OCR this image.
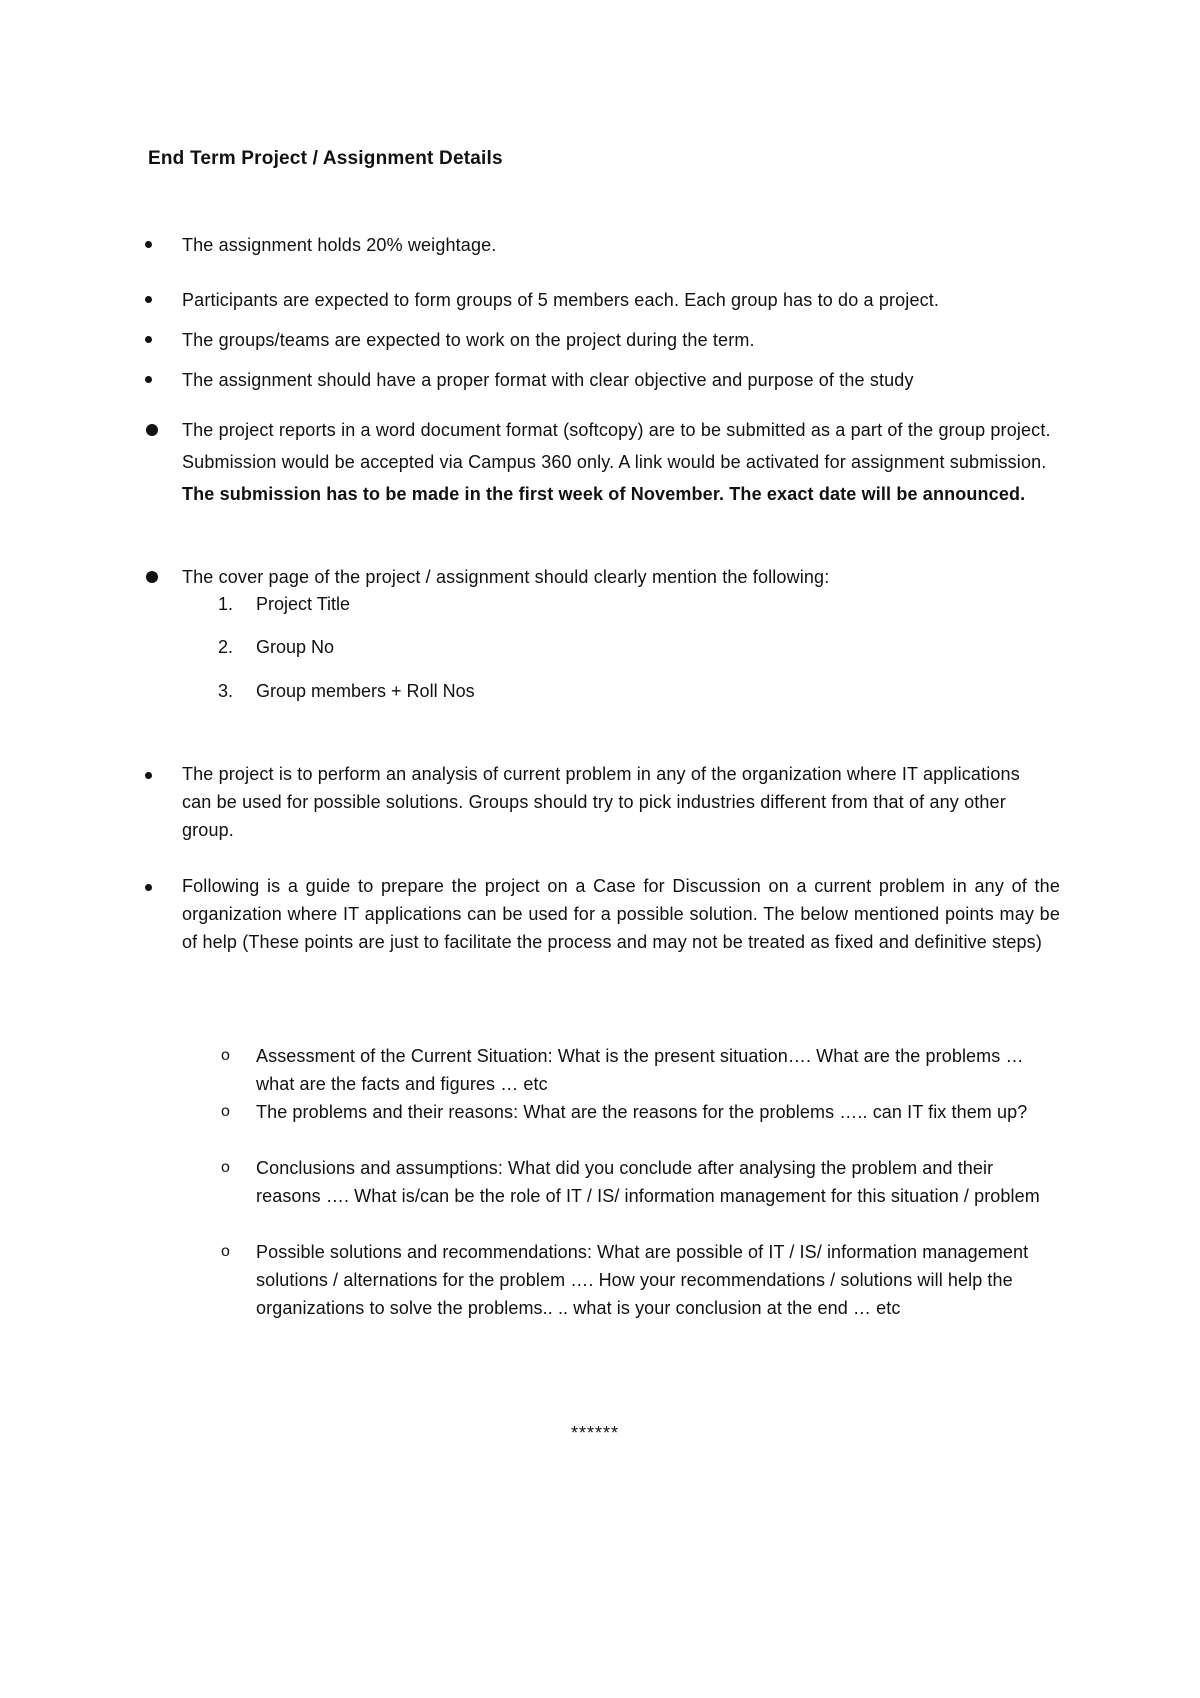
End Term Project / Assignment Details
The assignment holds 20% weightage.
Participants are expected to form groups of 5 members each. Each group has to do a project.
The groups/teams are expected to work on the project during the term.
The assignment should have a proper format with clear objective and purpose of the study
The project reports in a word document format (softcopy) are to be submitted as a part of the group project. Submission would be accepted via Campus 360 only. A link would be activated for assignment submission. The submission has to be made in the first week of November. The exact date will be announced.
The cover page of the project / assignment should clearly mention the following:
1. Project Title
2. Group No
3. Group members + Roll Nos
The project is to perform an analysis of current problem in any of the organization where IT applications can be used for possible solutions. Groups should try to pick industries different from that of any other group.
Following is a guide to prepare the project on a Case for Discussion on a current problem in any of the organization where IT applications can be used for a possible solution. The below mentioned points may be of help (These points are just to facilitate the process and may not be treated as fixed and definitive steps)
o Assessment of the Current Situation: What is the present situation…. What are the problems … what are the facts and figures … etc
o The problems and their reasons: What are the reasons for the problems ….. can IT fix them up?
o Conclusions and assumptions: What did you conclude after analysing the problem and their reasons …. What is/can be the role of IT / IS/ information management for this situation / problem
o Possible solutions and recommendations: What are possible of IT / IS/ information management solutions / alternations for the problem …. How your recommendations / solutions will help the organizations to solve the problems.. .. what is your conclusion at the end … etc
******
